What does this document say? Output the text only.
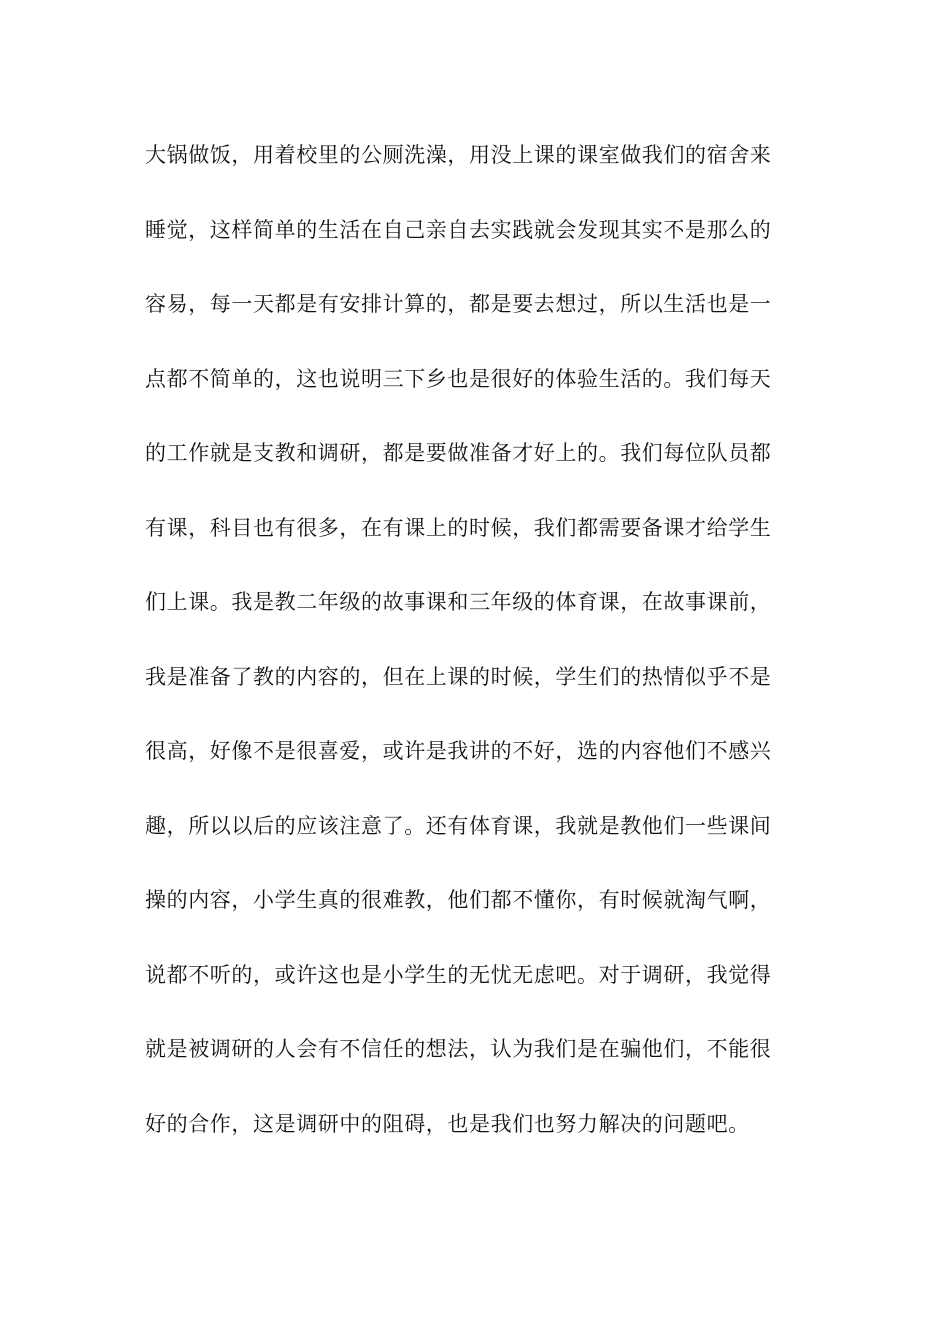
大锅做饭，用着校里的公厕洗澡，用没上课的课室做我们的宿舍来
睡觉，这样简单的生活在自己亲自去实践就会发现其实不是那么的
容易，每一天都是有安排计算的，都是要去想过，所以生活也是一
点都不简单的，这也说明三下乡也是很好的体验生活的。我们每天
的工作就是支教和调研，都是要做准备才好上的。我们每位队员都
有课，科目也有很多，在有课上的时候，我们都需要备课才给学生
们上课。我是教二年级的故事课和三年级的体育课，在故事课前，
我是准备了教的内容的，但在上课的时候，学生们的热情似乎不是
很高，好像不是很喜爱，或许是我讲的不好，选的内容他们不感兴
趣，所以以后的应该注意了。还有体育课，我就是教他们一些课间
操的内容，小学生真的很难教，他们都不懂你，有时候就淘气啊，
说都不听的，或许这也是小学生的无忧无虑吧。对于调研，我觉得
就是被调研的人会有不信任的想法，认为我们是在骗他们，不能很
好的合作，这是调研中的阻碍，也是我们也努力解决的问题吧。
